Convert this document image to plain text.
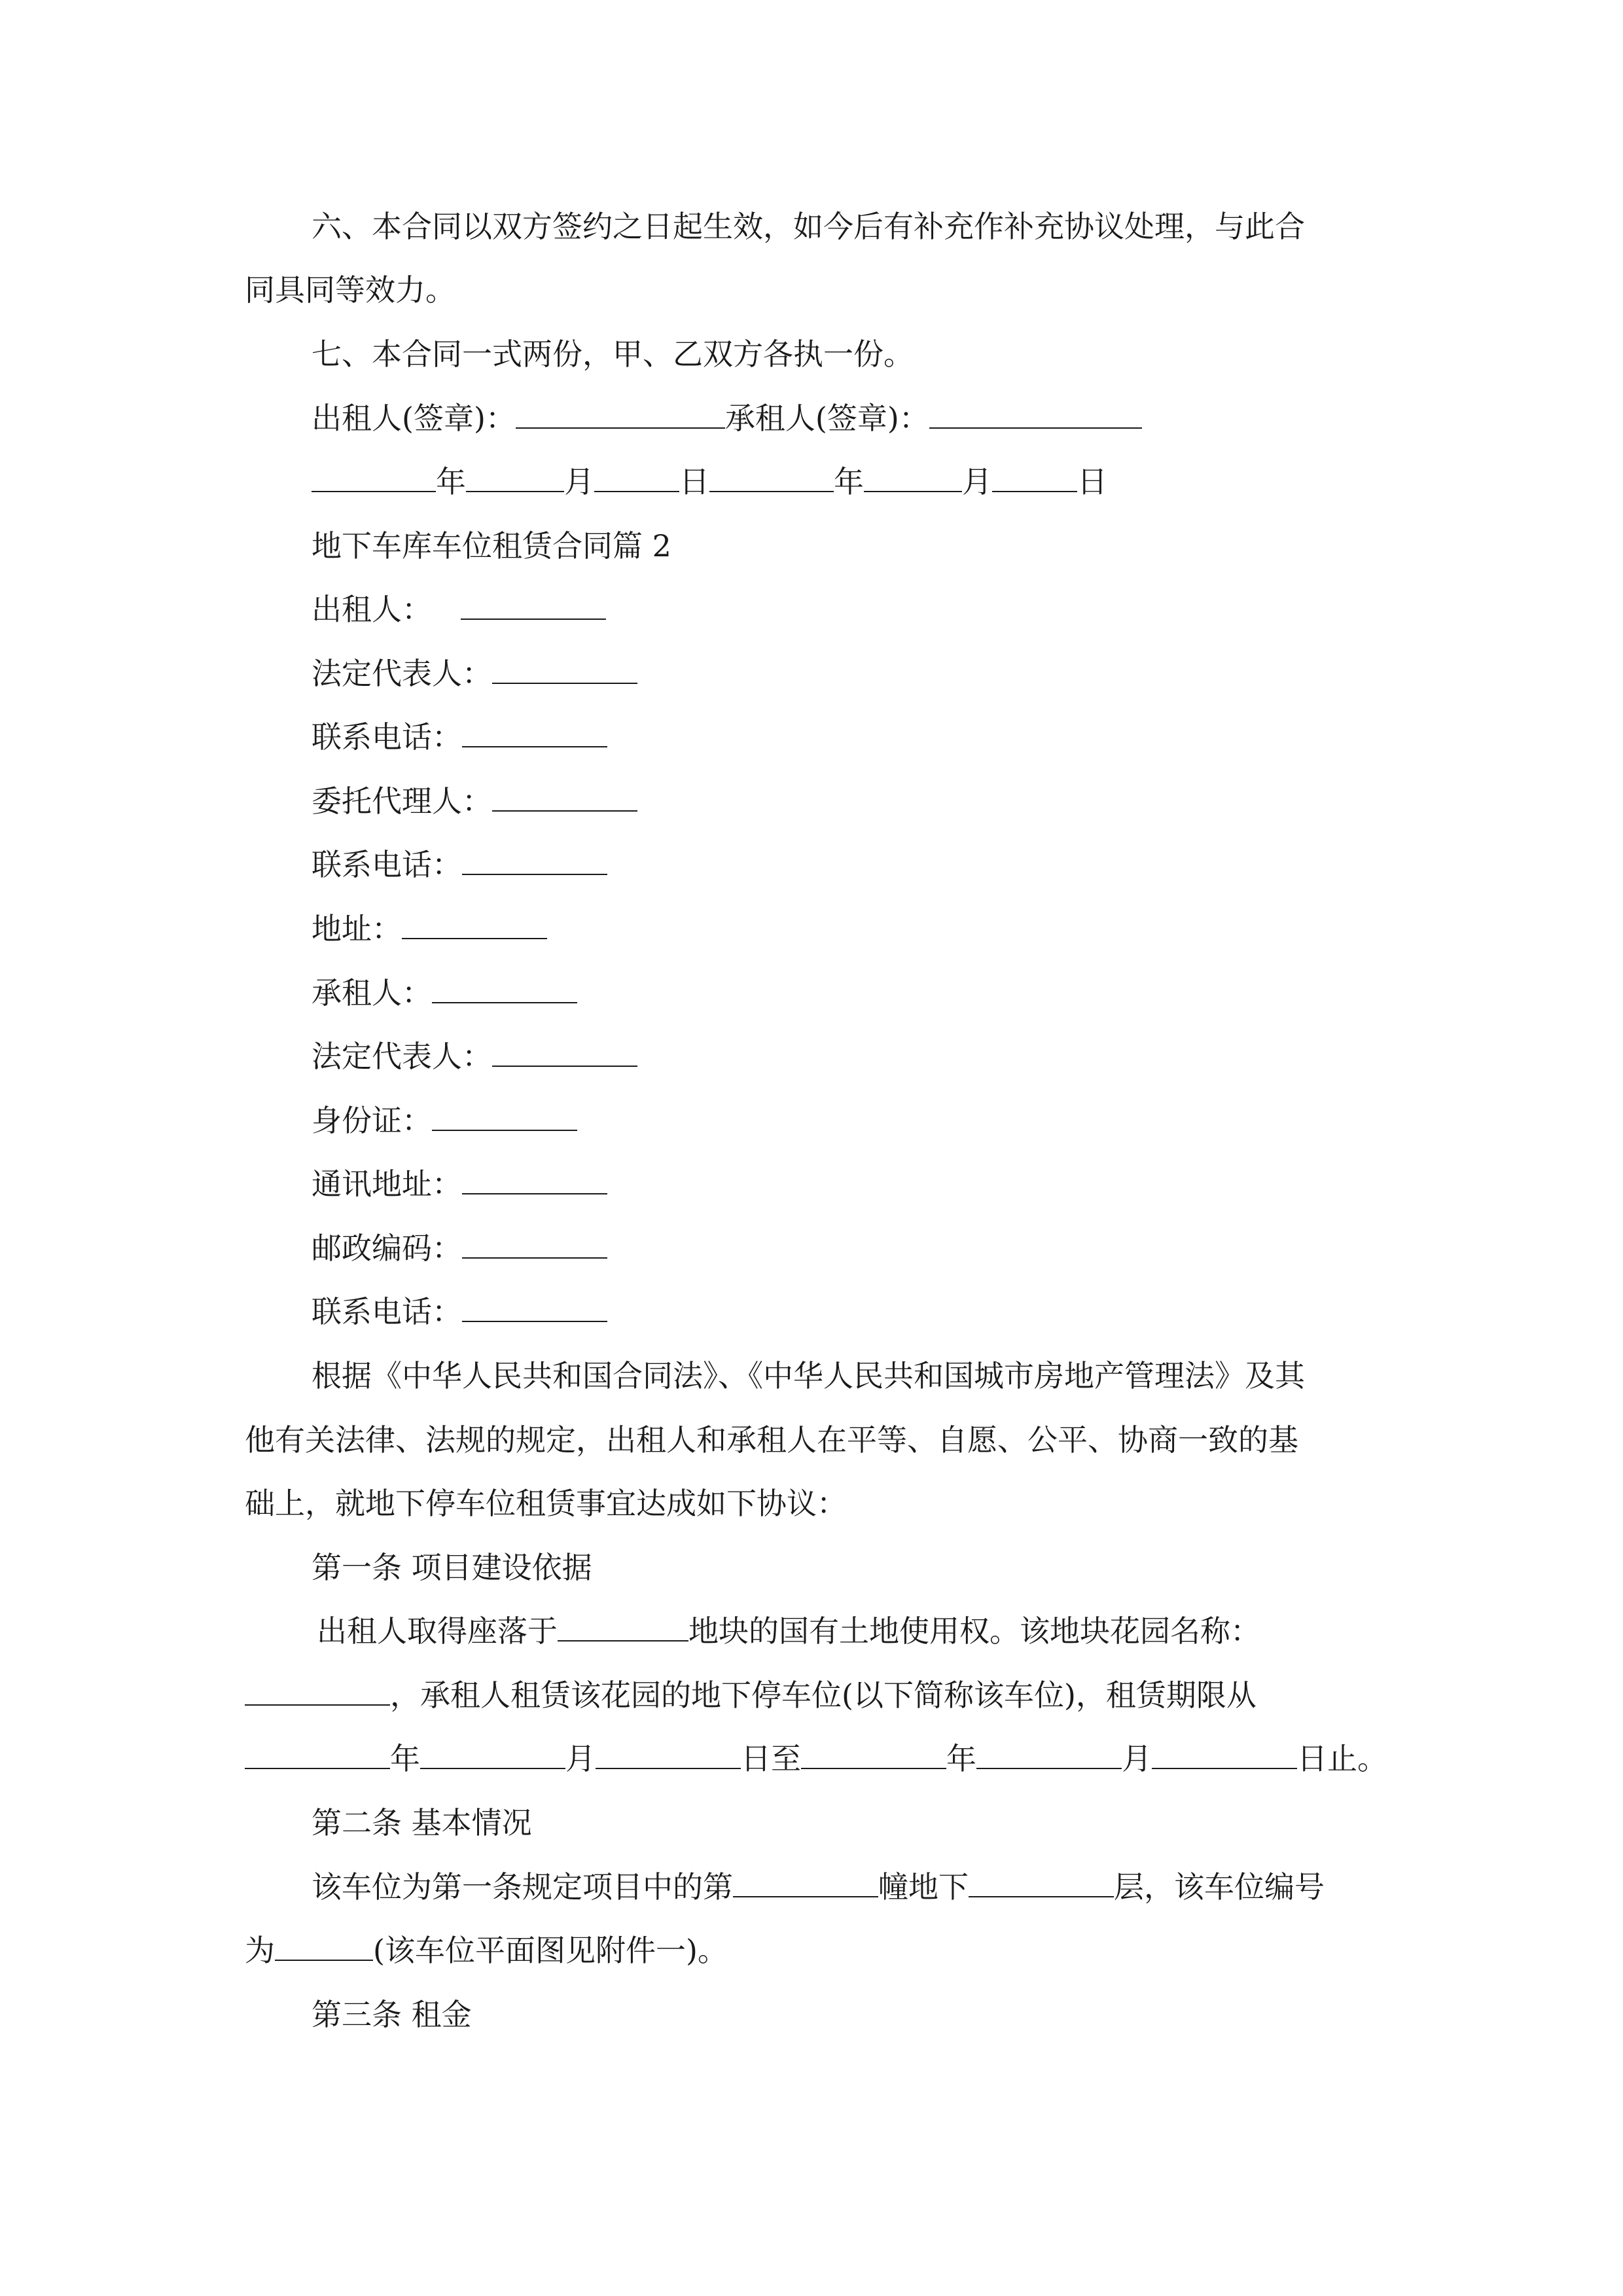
六、本合同以双方签约之日起生效，如今后有补充作补充协议处理，与此合
同具同等效力。
七、本合同一式两份，甲、乙双方各执一份。
出租人(签章)：	承租人(签章)：
年	月	日	年	月	日
地下车库车位租赁合同篇 2
出租人：
法定代表人：
联系电话：
委托代理人：
联系电话：
地址：
承租人：
法定代表人：
身份证：
通讯地址：
邮政编码：
联系电话：
根据《中华人民共和国合同法》、《中华人民共和国城市房地产管理法》及其
他有关法律、法规的规定，出租人和承租人在平等、自愿、公平、协商一致的基
础上，就地下停车位租赁事宜达成如下协议：
第一条 项目建设依据
出租人取得座落于	地块的国有土地使用权。该地块花园名称：
，承租人租赁该花园的地下停车位(以下简称该车位)，租赁期限从
年	月	日至	年	月	日止。
第二条 基本情况
该车位为第一条规定项目中的第	幢地下	层，该车位编号
为	(该车位平面图见附件一)。
第三条 租金
